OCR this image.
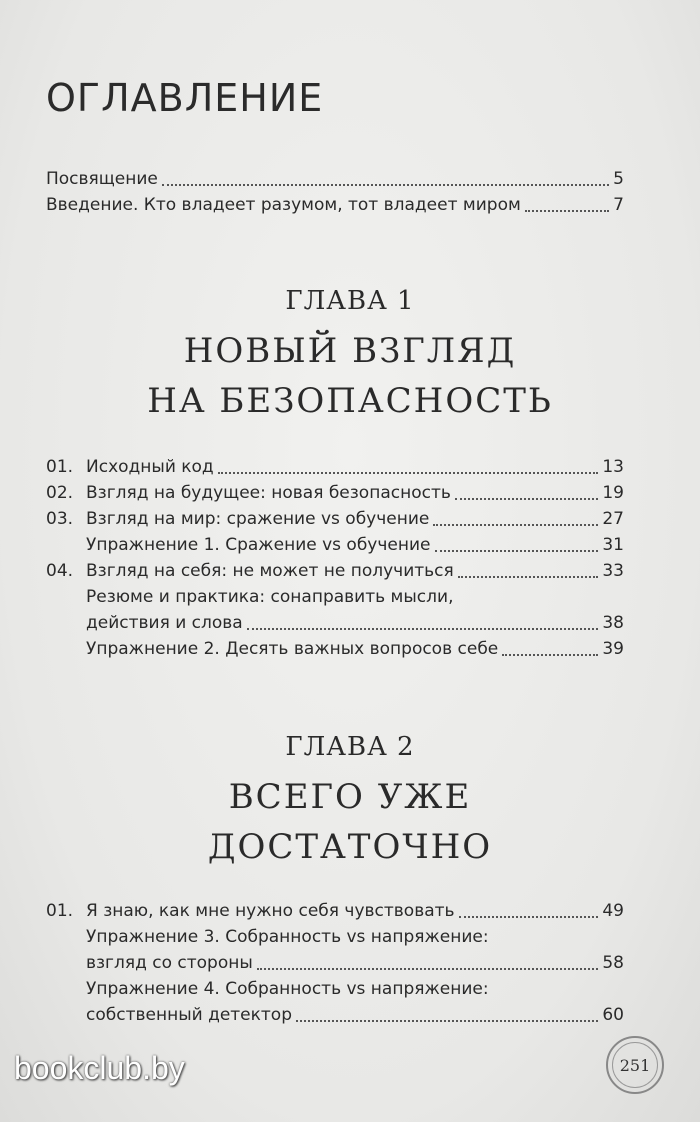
ОГЛАВЛЕНИЕ
Посвящение	5
Введение. Кто владеет разумом, тот владеет миром	7
ГЛАВА 1
НОВЫЙ ВЗГЛЯД
НА БЕЗОПАСНОСТЬ
01. Исходный код	13
02. Взгляд на будущее: новая безопасность	19
03. Взгляд на мир: сражение vs обучение	27
Упражнение 1. Сражение vs обучение	31
04. Взгляд на себя: не может не получиться	33
Резюме и практика: сонаправить мысли,
действия и слова	38
Упражнение 2. Десять важных вопросов себе	39
ГЛАВА 2
ВСЕГО УЖЕ
ДОСТАТОЧНО
01. Я знаю, как мне нужно себя чувствовать	49
Упражнение 3. Собранность vs напряжение:
взгляд со стороны	58
Упражнение 4. Собранность vs напряжение:
собственный детектор	60
251
bookclub.by
